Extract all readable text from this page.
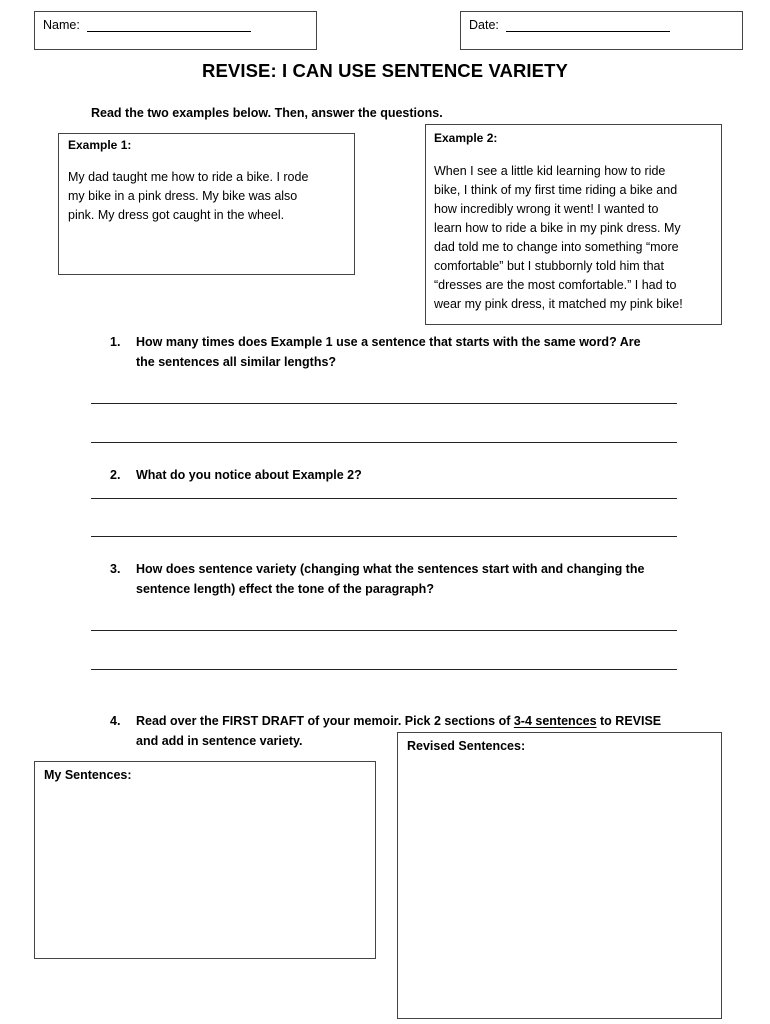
Name:	Date:
REVISE: I CAN USE SENTENCE VARIETY
Read the two examples below. Then, answer the questions.
Example 1:
My dad taught me how to ride a bike. I rode
my bike in a pink dress. My bike was also
pink. My dress got caught in the wheel.
Example 2:
When I see a little kid learning how to ride
bike, I think of my first time riding a bike and
how incredibly wrong it went! I wanted to
learn how to ride a bike in my pink dress. My
dad told me to change into something “more
comfortable” but I stubbornly told him that
“dresses are the most comfortable.” I had to
wear my pink dress, it matched my pink bike!
1. How many times does Example 1 use a sentence that starts with the same word? Are
the sentences all similar lengths?
2. What do you notice about Example 2?
3. How does sentence variety (changing what the sentences start with and changing the
sentence length) effect the tone of the paragraph?
4. Read over the FIRST DRAFT of your memoir. Pick 2 sections of 3-4 sentences to REVISE
and add in sentence variety.
My Sentences:
Revised Sentences:
